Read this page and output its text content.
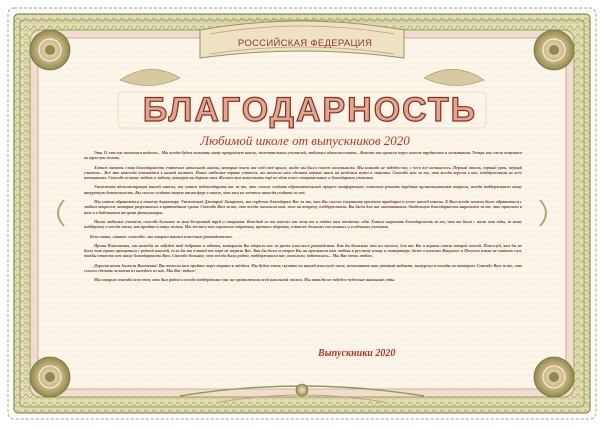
РОССИЙСКАЯ ФЕДЕРАЦИЯ
БЛАГОДАРНОСТЬ
Любимой школе от выпускников 2020

Эти 11 лет мы запомним надолго... Мы всегда будем помнить нашу прекрасную школу, замечательных учителей, любимых одноклассников... Вместе мы прошли через многие трудности и испытания. Теперь мы смело вступаем во взрослую жизнь.

Хотим сказать слова благодарности учителям начальной школы, которые взяли нас под своё крыло, когда мы были совсем маленькими. Мы никогда не забудем то, с чего всё начиналось. Первый звонок, первый урок, первый учитель... Всё это навсегда останется в нашей памяти. Наши любимые первые учителя, вы помогли нам сделать первые шаги на нелёгком пути к знаниям. Спасибо вам за то, что всегда верили в нас, поддерживали во всех начинаниях. Спасибо за вашу любовь и заботу, которую вы дарили нам. Желаем вам выпустить ещё не один класс старательных и благодарных учеников.

Уважаемая администрация нашей школы, мы хотим поблагодарить вас за то, что смогли создать образовательный процесс комфортным, помогали решать трудные организационные вопросы, всегда поддерживали нашу внеурочную деятельность. Вы смогли создать такую атмосферу в школе, что нам не хочется никогда уходить из неё.

Мы хотим обратиться к нашему директору. Уважаемый Дмитрий Лазаревич, мы сердечно благодарим Вас за то, что Вы смогли сохранить прежние традиции и успех нашей школы. К Вам всегда можно было обратиться с любым вопросом, которые разрешались в кратчайшие сроки. Спасибо Вам за то, что всегда помогали нам, шли на встречу, поддерживали. Вы были для нас наставником. Отдельную благодарность выражаем за то, что приехали к нам и в бадминтон на уроке физкультуры.

Наши любимые учителя, спасибо большое за ваш бесценный труд и старания. Каждый из вас научил нас чему-то и отдал нам частичку себя. Хотим выразить благодарность за то, что вы были с нами эти годы, за вашу поддержку и всегда знали, как прийти в нашу жизнь. Мы желаем вам огромного терпения, крепкого здоровья, а также больших послушных и усидчивых учеников.

Безусловно, главное «спасибо» мы говорим нашим классным руководителям.

Ирина Николаевна, мы никогда не забудем той доброты и заботы, которыми Вы одарили нас за время классного руководства. Как бы банально это ни звучало, для нас Вы и впрямь стали второй мамой. Пожалуй, вам бы не было так горько прощаться с родной школой, если бы мы в какой-то мере не теряли Вас. Как бы долго и упорно Вы ни призывали нам любовь к русскому языку и литературе, даже в пошлых Вопросах и Могучих языке не знатит сим, чтобы отвести всю нашу благодарность Вам. Спасибо большое, что всегда были рядом, поддерживали нас, помогали, заботились... Мы Вас очень любим.

Дорогая наша Анжела Валевевна! Вы помогли нам пройти через тернии к звёздам. Мы будем очень скучать по нашей классной маме, вспоминать наш уютный кабинет, экскурсии и походы по театрам. Спасибо Вам за то, что смогли сделать человека из каждого из нас. Мы Вас любим!

Мы говорим спасибо всем тем, кто был рядом и всегда поддерживал нас на протяжении всей школьной жизни. Мы никогда не забудем чудесные школьные годы.

Выпускники 2020
